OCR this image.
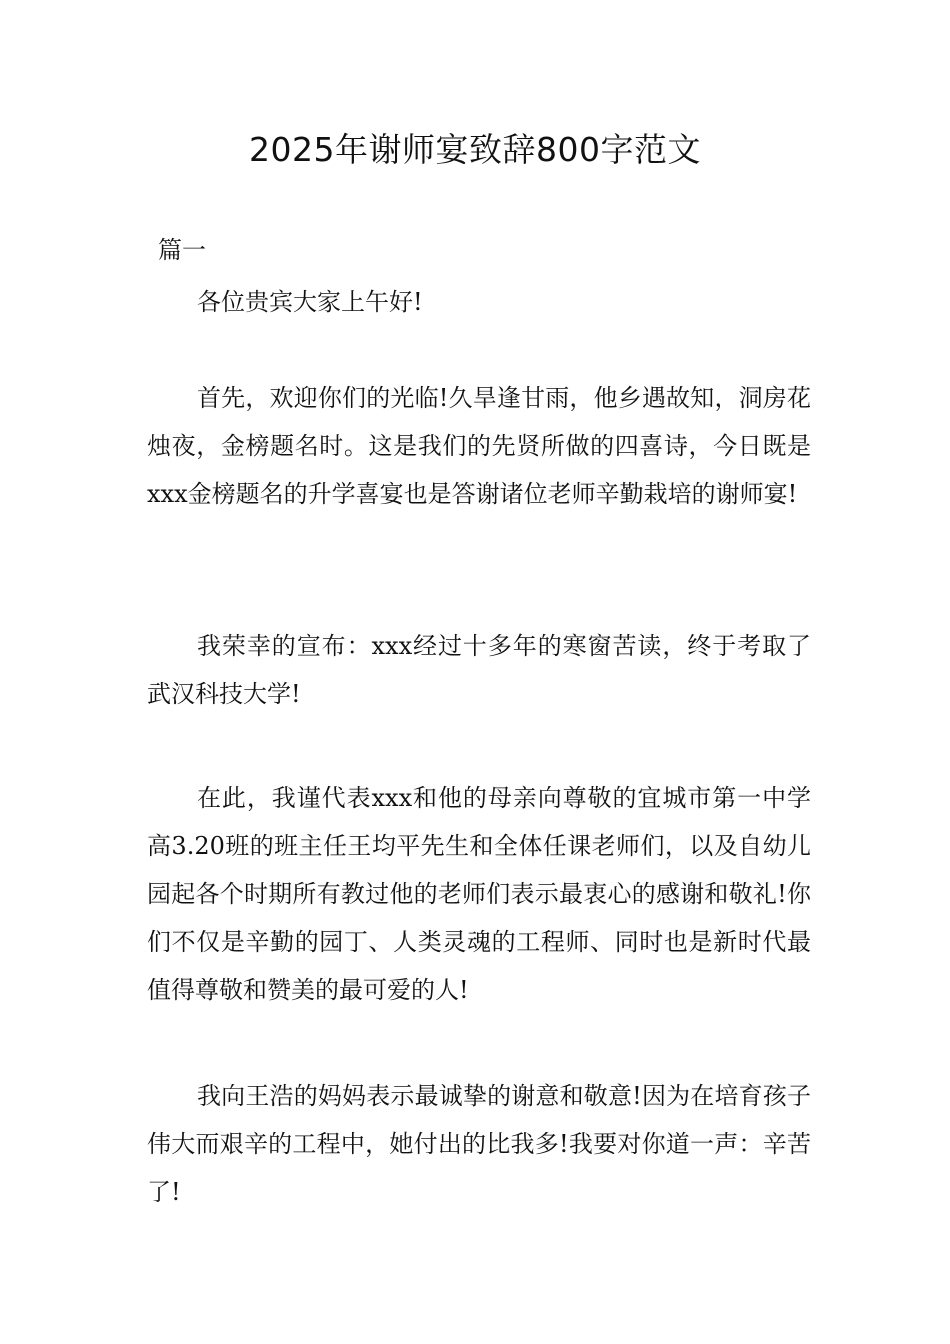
2025年谢师宴致辞800字范文
篇一

各位贵宾大家上午好!

首先，欢迎你们的光临!久旱逢甘雨，他乡遇故知，洞房花烛夜，金榜题名时。这是我们的先贤所做的四喜诗，今日既是xxx金榜题名的升学喜宴也是答谢诸位老师辛勤栽培的谢师宴!

我荣幸的宣布：xxx经过十多年的寒窗苦读，终于考取了武汉科技大学!

在此，我谨代表xxx和他的母亲向尊敬的宜城市第一中学高3.20班的班主任王均平先生和全体任课老师们，以及自幼儿园起各个时期所有教过他的老师们表示最衷心的感谢和敬礼!你们不仅是辛勤的园丁、人类灵魂的工程师、同时也是新时代最值得尊敬和赞美的最可爱的人!

我向王浩的妈妈表示最诚挚的谢意和敬意!因为在培育孩子伟大而艰辛的工程中，她付出的比我多!我要对你道一声：辛苦了!
